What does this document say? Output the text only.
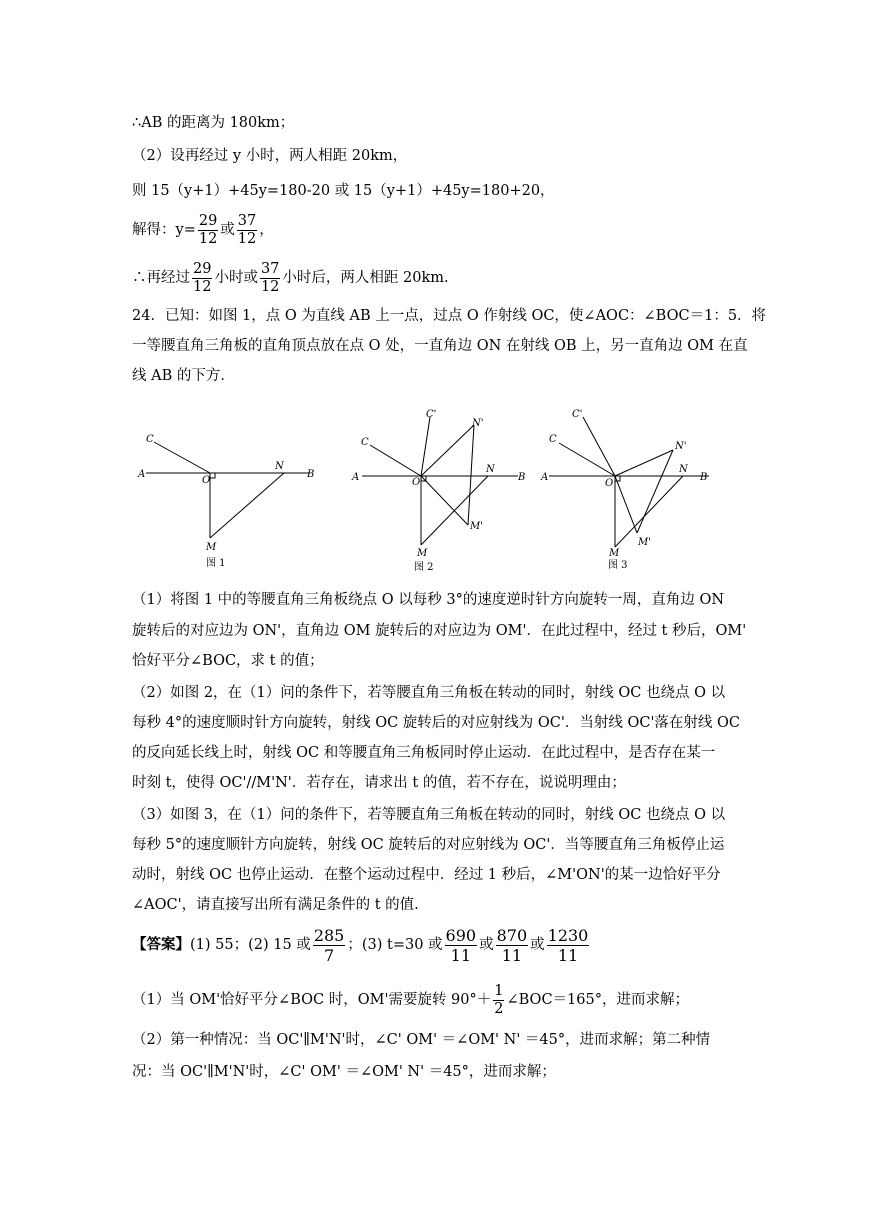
∴AB 的距离为 180km；
（2）设再经过 y 小时，两人相距 20km，
则 15（y+1）+45y=180-20 或 15（y+1）+45y=180+20，
解得：$y= \frac{29}{12}$ 或 $\frac{37}{12}$ ，
∴再经过 $\frac{29}{12}$ 小时或 $\frac{37}{12}$ 小时后，两人相距 20km.
24．已知：如图 1，点 O 为直线 AB 上一点，过点 O 作射线 OC，使∠AOC：∠BOC＝1：5．将
一等腰直角三角板的直角顶点放在点 O 处，一直角边 ON 在射线 OB 上，另一直角边 OM 在直
线 AB 的下方．
C
A
O
N
B
M
图 1
C'
N'
C
A	O
N
B
M'
M
图 2
C'
C
N'
A
O
N
B
M
M'
图 3
（1）将图 1 中的等腰直角三角板绕点 O 以每秒 3°的速度逆时针方向旋转一周，直角边 ON
旋转后的对应边为 ON'，直角边 OM 旋转后的对应边为 OM'．在此过程中，经过 t 秒后，OM'
恰好平分∠BOC，求 t 的值；
（2）如图 2，在（1）问的条件下，若等腰直角三角板在转动的同时，射线 OC 也绕点 O 以
每秒 4°的速度顺时针方向旋转，射线 OC 旋转后的对应射线为 OC'．当射线 OC'落在射线 OC
的反向延长线上时，射线 OC 和等腰直角三角板同时停止运动．在此过程中，是否存在某一
时刻 t，使得 OC'//M'N'．若存在，请求出 t 的值，若不存在，说说明理由；
（3）如图 3，在（1）问的条件下，若等腰直角三角板在转动的同时，射线 OC 也绕点 O 以
每秒 5°的速度顺针方向旋转，射线 OC 旋转后的对应射线为 OC'．当等腰直角三角板停止运
动时，射线 OC 也停止运动．在整个运动过程中．经过 1 秒后，∠M'ON'的某一边恰好平分
∠AOC'，请直接写出所有满足条件的 t 的值.
【答案】(1) 55；(2) 15 或 $\frac{285}{7}$ ；(3) t=30 或 $\frac{690}{11}$ 或 $\frac{870}{11}$ 或 $\frac{1230}{11}$
（1）当 OM'恰好平分∠BOC 时，OM'需要旋转 $90^\circ+ \frac{1}{2}$ ∠BOC＝165°，进而求解；
（2）第一种情况：当 OC'∥M'N'时，∠C' OM' ＝∠OM' N' ＝45°，进而求解；第二种情
况：当 OC'∥M'N'时，∠C' OM' ＝∠OM' N' ＝45°，进而求解；
